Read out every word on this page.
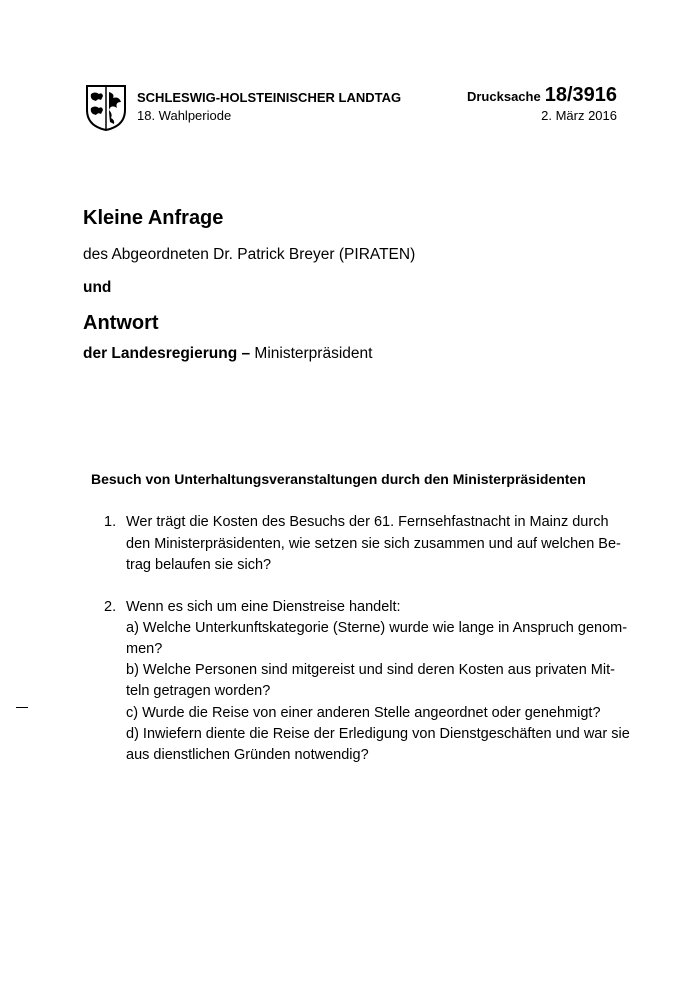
SCHLESWIG-HOLSTEINISCHER LANDTAG
18. Wahlperiode
Drucksache 18/3916
2. März 2016
Kleine Anfrage
des Abgeordneten Dr. Patrick Breyer (PIRATEN)
und
Antwort
der Landesregierung – Ministerpräsident
Besuch von Unterhaltungsveranstaltungen durch den Ministerpräsidenten
1. Wer trägt die Kosten des Besuchs der 61. Fernsehfastnacht in Mainz durch
den Ministerpräsidenten, wie setzen sie sich zusammen und auf welchen Be-
trag belaufen sie sich?
2. Wenn es sich um eine Dienstreise handelt:
a) Welche Unterkunftskategorie (Sterne) wurde wie lange in Anspruch genom-
men?
b) Welche Personen sind mitgereist und sind deren Kosten aus privaten Mit-
teln getragen worden?
c) Wurde die Reise von einer anderen Stelle angeordnet oder genehmigt?
d) Inwiefern diente die Reise der Erledigung von Dienstgeschäften und war sie
aus dienstlichen Gründen notwendig?
